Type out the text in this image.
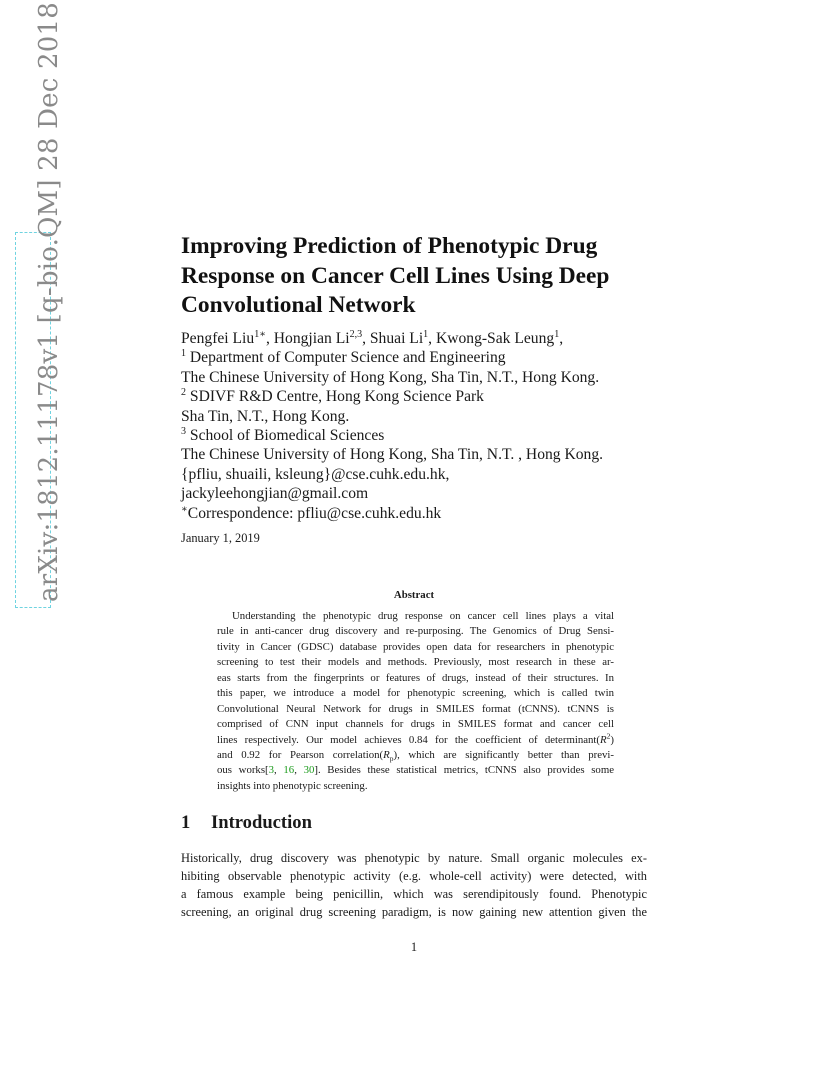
arXiv:1812.11178v1 [q-bio.QM] 28 Dec 2018	Improving Prediction of Phenotypic Drug
Response on Cancer Cell Lines Using Deep
Convolutional Network
Pengfei Liu$^{1∗}$, Hongjian Li$^{2,3}$, Shuai Li$^1$, Kwong-Sak Leung$^1$,
$^1$ Department of Computer Science and Engineering
The Chinese University of Hong Kong, Sha Tin, N.T., Hong Kong.
$^2$ SDIVF R&D Centre, Hong Kong Science Park
Sha Tin, N.T., Hong Kong.
$^3$ School of Biomedical Sciences
The Chinese University of Hong Kong, Sha Tin, N.T. , Hong Kong.
{pfliu, shuaili, ksleung}@cse.cuhk.edu.hk,
jackyleehongjian@gmail.com
∗Correspondence: pfliu@cse.cuhk.edu.hk
January 1, 2019
Abstract
Understanding the phenotypic drug response on cancer cell lines plays a vital
rule in anti-cancer drug discovery and re-purposing. The Genomics of Drug Sensi-
tivity in Cancer (GDSC) database provides open data for researchers in phenotypic
screening to test their models and methods. Previously, most research in these ar-
eas starts from the fingerprints or features of drugs, instead of their structures. In
this paper, we introduce a model for phenotypic screening, which is called twin
Convolutional Neural Network for drugs in SMILES format (tCNNS). tCNNS is
comprised of CNN input channels for drugs in SMILES format and cancer cell
lines respectively. Our model achieves 0.84 for the coefficient of $determinant(R^2)$
and 0.92 for Pearson $correlation(R_p)$, which are significantly better than previ-
ous works[3, 16, 30]. Besides these statistical metrics, tCNNS also provides some
insights into phenotypic screening.
1 Introduction
Historically, drug discovery was phenotypic by nature. Small organic molecules ex-
hibiting observable phenotypic activity (e.g. whole-cell activity) were detected, with
a famous example being penicillin, which was serendipitously found. Phenotypic
screening, an original drug screening paradigm, is now gaining new attention given the
1
